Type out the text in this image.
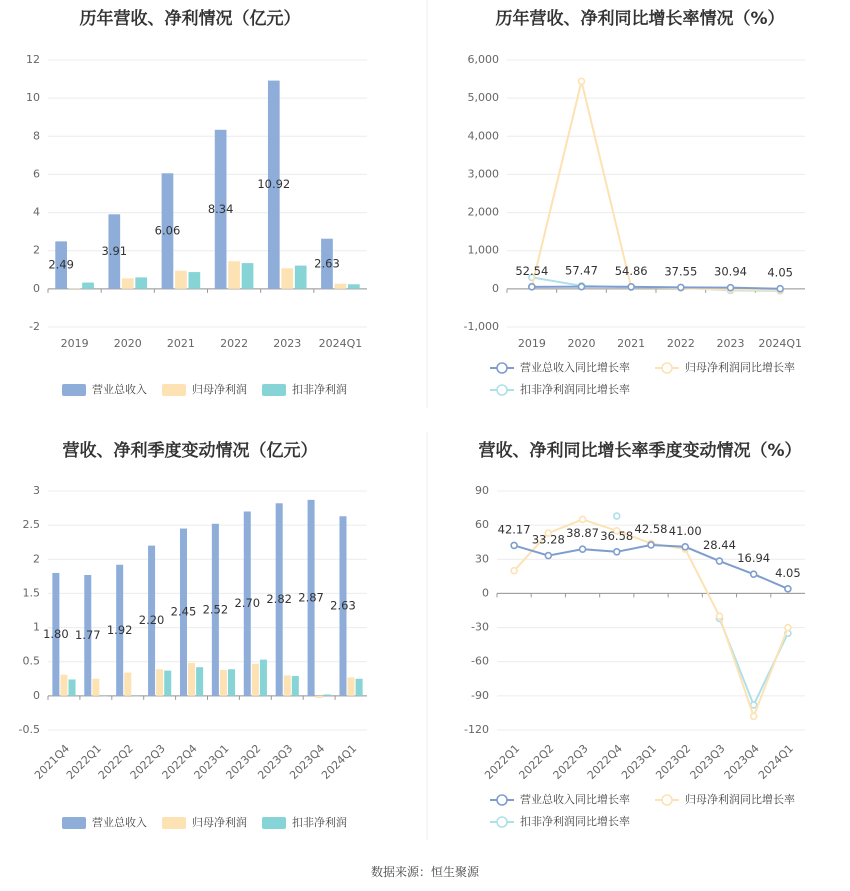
数据来源：恒生聚源
历年营收、净利情况（亿元）
-2
0
2
4
6
8
10
12
2019 2020 2021 2022 2023 2024Q1
2.49
3.91
6.06
8.34
10.92
2.63
营业总收入	归母净利润	扣非净利润
历年营收、净利同比增长率情况（%）
-1,000
0
1,000
2,000
3,000
4,000
5,000
6,000
2019 2020 2021 2022 2023 2024Q1
52.54 57.47 54.86 37.55 30.94 4.05
营业总收入同比增长率	归母净利润同比增长率
扣非净利润同比增长率
营收、净利季度变动情况（亿元）
-0.5
0
0.5
1
1.5
2
2.5
3
2021Q4
2022Q1
2022Q2
2022Q3
2022Q4
2023Q1
2023Q2
2023Q3
2023Q4
2024Q1
1.80 1.77 1.92
2.20
2.45 2.52 2.70 2.82 2.87
2.63
营业总收入	归母净利润	扣非净利润
营收、净利同比增长率季度变动情况（%）
-120
-90
-60
-30
0
30
60
90
2022Q1
2022Q2
2022Q3
2022Q4
2023Q1
2023Q2
2023Q3
2023Q4
2024Q1
42.17
33.28 38.87 36.58 42.58 41.00
28.44
16.94
4.05
营业总收入同比增长率	归母净利润同比增长率
扣非净利润同比增长率
